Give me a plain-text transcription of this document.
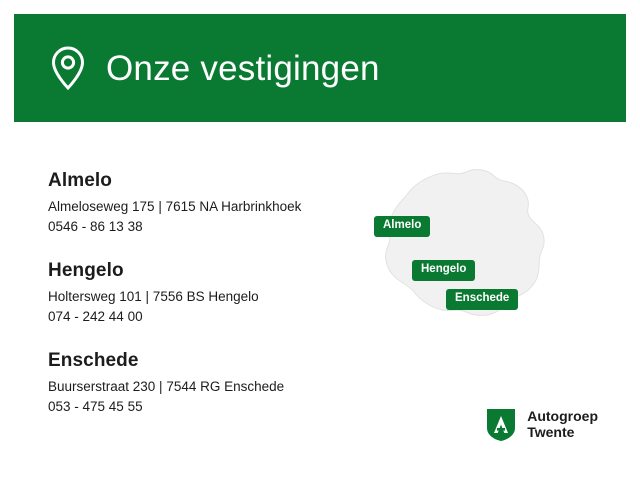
Onze vestigingen
Almelo
Almeloseweg 175 | 7615 NA Harbrinkhoek
0546 - 86 13 38
Hengelo
Holtersweg 101 | 7556 BS Hengelo
074 - 242 44 00
Enschede
Buurserstraat 230 | 7544 RG Enschede
053 - 475 45 55
Almelo
Hengelo
Enschede
Autogroep
Twente
